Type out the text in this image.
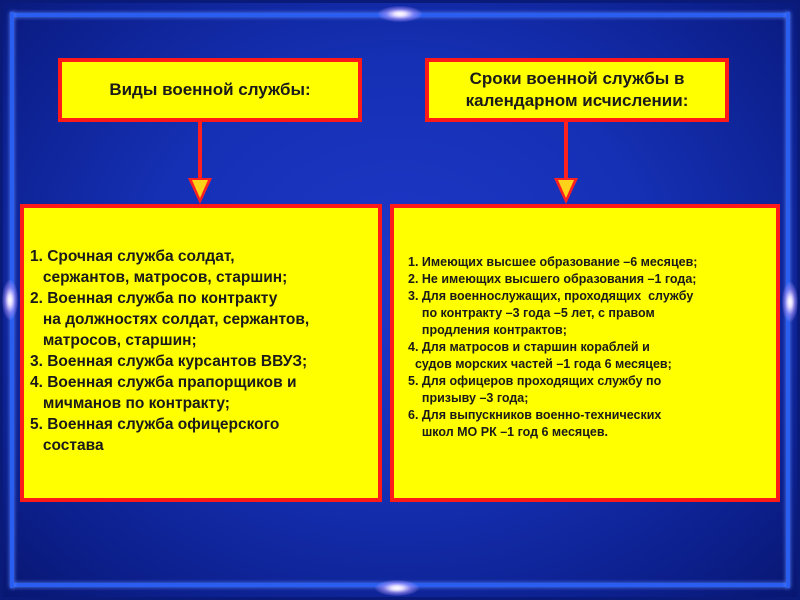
Виды военной службы:
Сроки военной службы в
календарном исчислении:
1. Срочная служба солдат,
сержантов, матросов, старшин;
2. Военная служба по контракту
на должностях солдат, сержантов,
матросов, старшин;
3. Военная служба курсантов ВВУЗ;
4. Военная служба прапорщиков и
мичманов по контракту;
5. Военная служба офицерского
состава
1. Имеющих высшее образование –6 месяцев;
2. Не имеющих высшего образования –1 года;
3. Для военнослужащих, проходящих  службу
по контракту –3 года –5 лет, с правом
продления контрактов;
4. Для матросов и старшин кораблей и
судов морских частей –1 года 6 месяцев;
5. Для офицеров проходящих службу по
призыву –3 года;
6. Для выпускников военно-технических
школ МО РК –1 год 6 месяцев.
